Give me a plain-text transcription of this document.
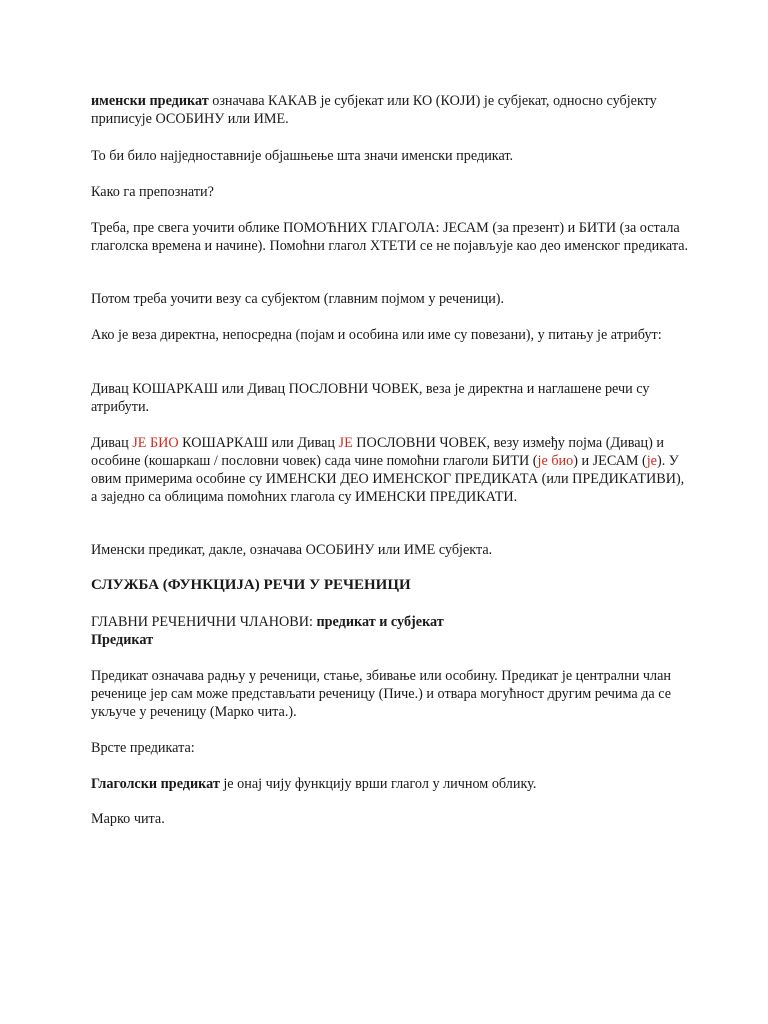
именски предикат означава КАКАВ је субјекат или КО (КОЈИ) је субјекат, односно субјекту приписује ОСОБИНУ или ИМЕ.

То би било најједноставније објашњење шта значи именски предикат.

Како га препознати?

Треба, пре свега уочити облике ПОМОЋНИХ ГЛАГОЛА: ЈЕСАМ (за презент) и БИТИ (за остала глаголска времена и начине). Помоћни глагол ХТЕТИ се не појављује као део именског предиката.

Потом треба уочити везу са субјектом (главним појмом у реченици).

Ако је веза директна, непосредна (појам и особина или име су повезани), у питању је атрибут:

Дивац КОШАРКАШ или Дивац ПОСЛОВНИ ЧОВЕК, веза је директна и наглашене речи су атрибути.

Дивац ЈЕ БИО КОШАРКАШ или Дивац ЈЕ ПОСЛОВНИ ЧОВЕК, везу између појма (Дивац) и особине (кошаркаш / пословни човек) сада чине помоћни глаголи БИТИ (је био) и ЈЕСАМ (је). У овим примерима особине су ИМЕНСКИ ДЕО ИМЕНСКОГ ПРЕДИКАТА (или ПРЕДИКАТИВИ), а заједно са облицима помоћних глагола су ИМЕНСКИ ПРЕДИКАТИ.

Именски предикат, дакле, означава ОСОБИНУ или ИМЕ субјекта.

СЛУЖБА (ФУНКЦИЈА) РЕЧИ У РЕЧЕНИЦИ

ГЛАВНИ РЕЧЕНИЧНИ ЧЛАНОВИ: предикат и субјекат

Предикат

Предикат означава радњу у реченици, стање, збивање или особину. Предикат је централни члан реченице јер сам може представљати реченицу (Пиче.) и отвара могућност другим речима да се укључе у реченицу (Марко чита.).

Врсте предиката:

Глаголски предикат је онај чију функцију врши глагол у личном облику.

Марко чита.
